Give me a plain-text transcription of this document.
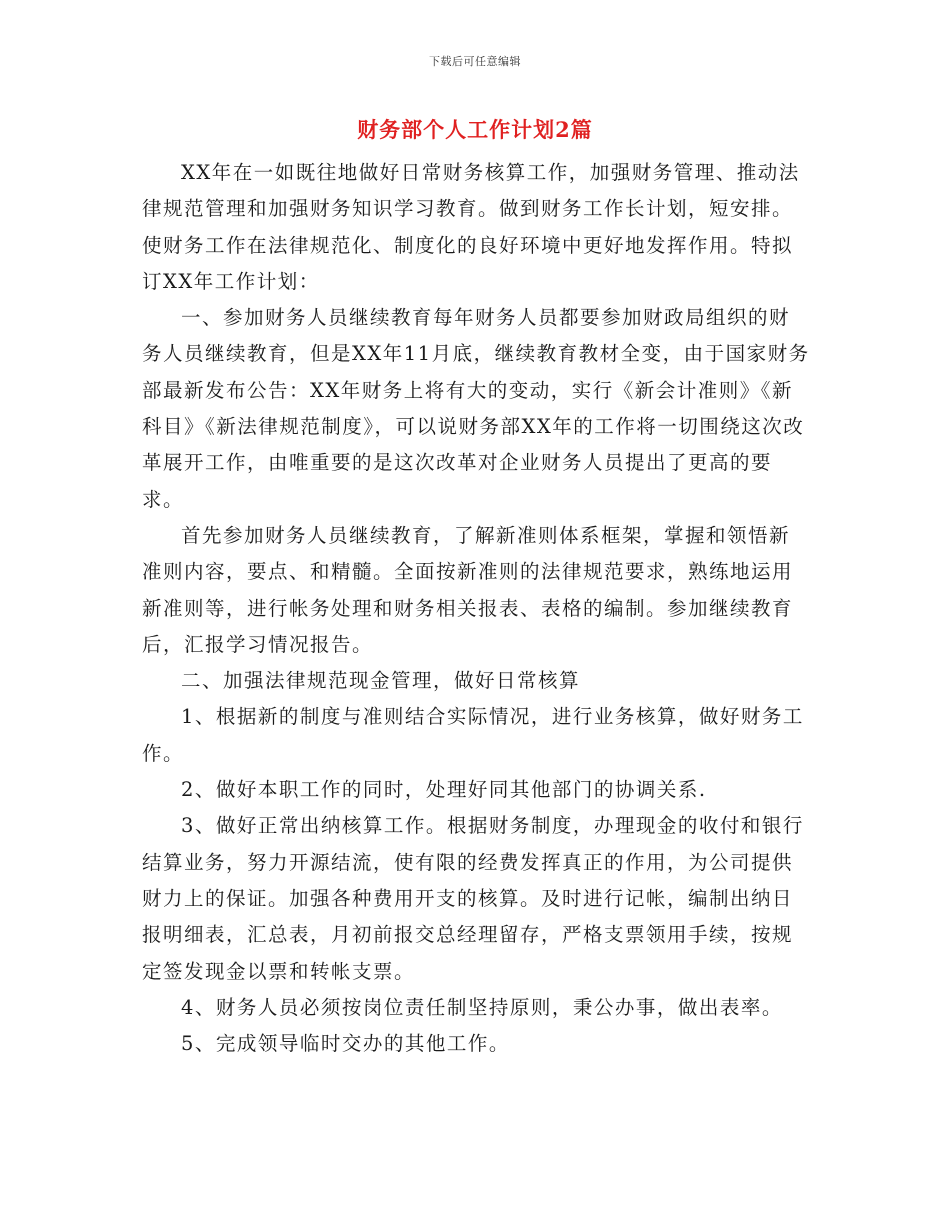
下载后可任意编辑
财务部个人工作计划2篇

XX年在一如既往地做好日常财务核算工作，加强财务管理、推动法律规范管理和加强财务知识学习教育。做到财务工作长计划，短安排。使财务工作在法律规范化、制度化的良好环境中更好地发挥作用。特拟订XX年工作计划：

一、参加财务人员继续教育每年财务人员都要参加财政局组织的财务人员继续教育，但是XX年11月底，继续教育教材全变，由于国家财务部最新发布公告：XX年财务上将有大的变动，实行《新会计准则》《新科目》《新法律规范制度》，可以说财务部XX年的工作将一切围绕这次改革展开工作，由唯重要的是这次改革对企业财务人员提出了更高的要求。

首先参加财务人员继续教育，了解新准则体系框架，掌握和领悟新准则内容，要点、和精髓。全面按新准则的法律规范要求，熟练地运用新准则等，进行帐务处理和财务相关报表、表格的编制。参加继续教育后，汇报学习情况报告。

二、加强法律规范现金管理，做好日常核算

1、根据新的制度与准则结合实际情况，进行业务核算，做好财务工作。

2、做好本职工作的同时，处理好同其他部门的协调关系.

3、做好正常出纳核算工作。根据财务制度，办理现金的收付和银行结算业务，努力开源结流，使有限的经费发挥真正的作用，为公司提供财力上的保证。加强各种费用开支的核算。及时进行记帐，编制出纳日报明细表，汇总表，月初前报交总经理留存，严格支票领用手续，按规定签发现金以票和转帐支票。

4、财务人员必须按岗位责任制坚持原则，秉公办事，做出表率。

5、完成领导临时交办的其他工作。
